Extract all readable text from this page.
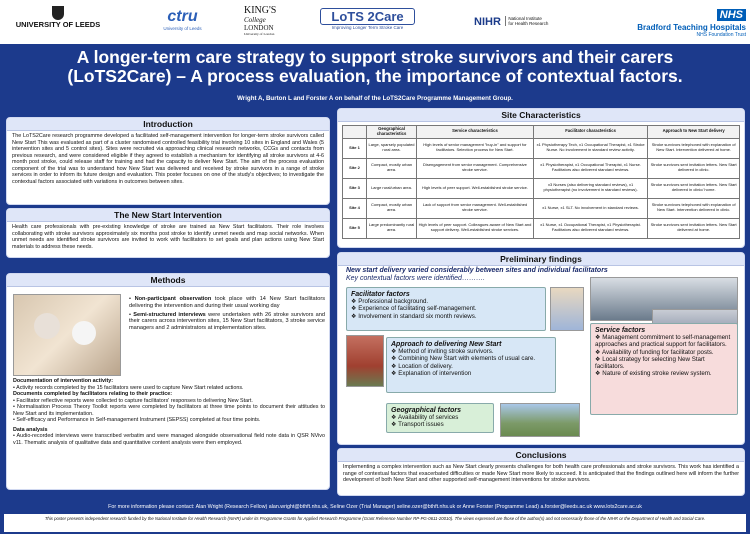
UNIVERSITY OF LEEDS	ctru
University of Leeds
KING'S
College
LONDON
University of London
LoTS 2Care
Improving Longer Term Stroke Care	NIHR National Institute
for Health Research
NHS
Bradford Teaching Hospitals
NHS Foundation Trust
A longer-term care strategy to support stroke survivors and their carers
(LoTS2Care) – A process evaluation, the importance of contextual factors.
Wright A, Burton L and Forster A on behalf of the LoTS2Care Programme Management Group.
Introduction
The LoTS2Care research programme developed a facilitated self-management intervention for longer-term stroke survivors called New Start This was evaluated as part of a cluster randomised controlled feasibility trial involving 10 sites in England and Wales (5 intervention sites and 5 control sites). Sites were recruited via approaching clinical research networks, CCGs and contacts from previous research, and were considered eligible if they agreed to establish a mechanism for identifying all stroke survivors at 4-6 month post stroke, could release staff for training and had the capacity to deliver New Start. The aim of the process evaluation component of the trial was to understand how New Start was delivered and received by stroke survivors in a range of stroke services in order to inform its future design and evaluation. This poster focuses on one of the study's objectives; to investigate the contextual factors associated with variations in outcomes between sites.
The New Start Intervention
Health care professionals with pre-existing knowledge of stroke are trained as New Start facilitators. Their role involves collaborating with stroke survivors approximately six months post stroke to identify unmet needs and map social networks. When unmet needs are identified stroke survivors are invited to work with facilitators to set goals and plan actions using New Start materials to address these needs.
Methods
• Non-participant observation took place with 14 New Start facilitators delivering the intervention and during their usual working day
• Semi-structured interviews were undertaken with 26 stroke survivors and their carers across intervention sites, 15 New Start facilitators, 3 stroke service managers and 2 administrators at implementation sites.
Documentation of intervention activity:
• Activity records completed by the 15 facilitators were used to capture New Start related actions.
Documents completed by facilitators relating to their practice:
• Facilitator reflective reports were collected to capture facilitators' responses to delivering New Start.
• Normalisation Process Theory Toolkit reports were completed by facilitators at three time points to document their attitudes to New Start and its implementation.
• Self-efficacy and Performance in Self-management Instrument (SEPSS) completed at four time points.
Data analysis
• Audio-recorded interviews were transcribed verbatim and were managed alongside observational field note data in QSR NVivo v11. Thematic analysis of qualitative data and quantitative content analysis were then employed.
Site Characteristics
	Geographical characteristics	Service characteristics	Facilitator characteristics	Approach to New Start delivery
Site 1	Large, sparsely populated rural area.	High levels of senior management "buy-in" and support for facilitators. Selection process for New Start.	x1 Physiotherapy Tech, x1 Occupational Therapist, x1 Stroke Nurse. No involvement in standard review activity.	Stroke survivors telephoned with explanation of New Start. Intervention delivered at home.
Site 2	Compact, mostly urban area.	Disengagement from senior management. Comprehensive stroke service.	x1 Physiotherapist, x1 Occupational Therapist, x1 Nurse. Facilitators also delivered standard reviews.	Stroke survivors sent invitation letters. New Start delivered in clinic.
Site 3	Large rural/urban area.	High levels of peer support. Well-established stroke service.	x3 Nurses (also delivering standard reviews), x1 physiotherapist (no involvement in standard reviews).	Stroke survivors sent invitation letters. New Start delivered in clinic/ home.
Site 4	Compact, mostly urban area.	Lack of support from senior management. Well-established stroke service.	x1 Nurse, x1 SLT. No involvement in standard reviews.	Stroke survivors telephoned with explanation of New Start. Intervention delivered in clinic.
Site 5	Large predominantly rural area.	High levels of peer support. Colleagues aware of New Start and support delivery. Well-established stroke services.	x1 Nurse, x1 Occupational Therapist, x1 Physiotherapist. Facilitators also delivered standard reviews.	Stroke survivors sent invitation letters. New Start delivered at home.
Preliminary findings
New start delivery varied considerably between sites and individual facilitators
Key contextual factors were identified……….
Facilitator factors
❖ Professional background.
❖ Experience of facilitating self-management.
❖ Involvement in standard six month reviews.
Approach to delivering New Start
❖ Method of inviting stroke survivors.
❖ Combining New Start with elements of usual care.
❖ Location of delivery.
❖ Explanation of intervention
Geographical factors
❖ Availability of services
❖ Transport issues
Service factors
❖ Management commitment to self-management approaches and practical support for facilitators.
❖ Availability of funding for facilitator posts.
❖ Local strategy for selecting New Start facilitators.
❖ Nature of existing stroke review system.
Conclusions
Implementing a complex intervention such as New Start clearly presents challenges for both health care professionals and stroke survivors. This work has identified a range of contextual factors that exacerbated difficulties or made New Start more likely to succeed. It is anticipated that the findings outlined here will inform the further development of both New Start and other supported self-management interventions for stroke survivors.
For more information please contact: Alan Wright (Research Fellow) alan.wright@bthft.nhs.uk, Seline Ozer (Trial Manager) seline.ozer@bthft.nhs.uk or Anne Forster (Programme Lead) a.forster@leeds.ac.uk www.lots2care.ac.uk
This poster presents independent research funded by the National Institute for Health Research (NIHR) under its Programme Grants for Applied Research Programme (Grant Reference Number RP-PG-0611-20010). The views expressed are those of the author(s) and not necessarily those of the NIHR or the Department of Health and Social Care.
